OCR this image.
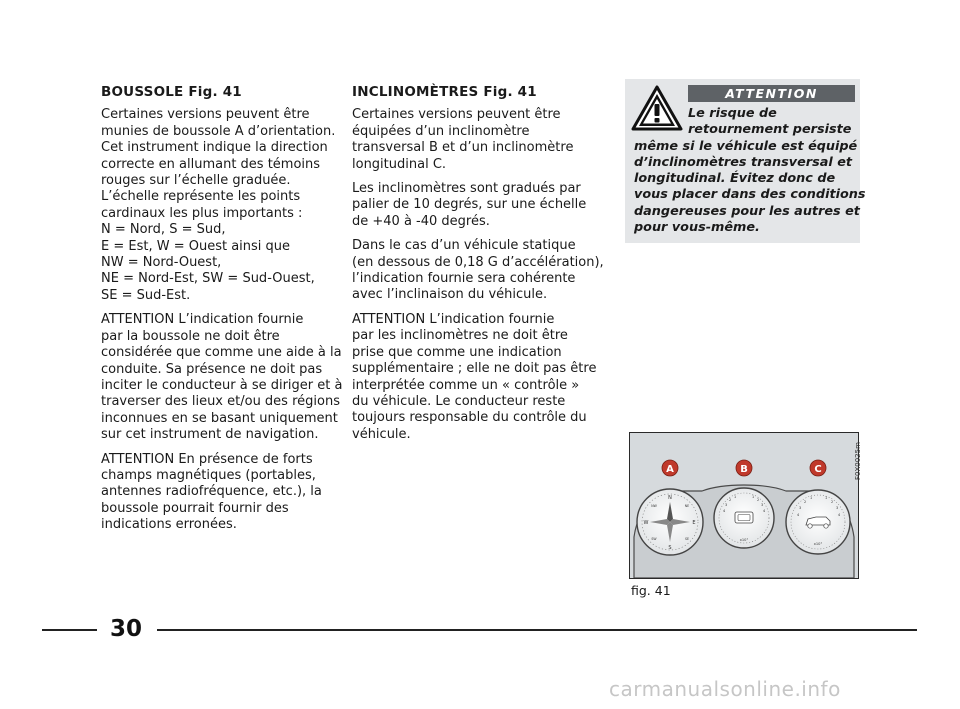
BOUSSOLE Fig. 41

Certaines versions peuvent être
munies de boussole A d’orientation.
Cet instrument indique la direction
correcte en allumant des témoins
rouges sur l’échelle graduée.
L’échelle représente les points
cardinaux les plus importants :
N = Nord, S = Sud,
E = Est, W = Ouest ainsi que
NW = Nord-Ouest,
NE = Nord-Est, SW = Sud-Ouest,
SE = Sud-Est.

ATTENTION L’indication fournie
par la boussole ne doit être
considérée que comme une aide à la
conduite. Sa présence ne doit pas
inciter le conducteur à se diriger et à
traverser des lieux et/ou des régions
inconnues en se basant uniquement
sur cet instrument de navigation.

ATTENTION En présence de forts
champs magnétiques (portables,
antennes radiofréquence, etc.), la
boussole pourrait fournir des
indications erronées.

INCLINOMÈTRES Fig. 41

Certaines versions peuvent être
équipées d’un inclinomètre
transversal B et d’un inclinomètre
longitudinal C.

Les inclinomètres sont gradués par
palier de 10 degrés, sur une échelle
de +40 à -40 degrés.

Dans le cas d’un véhicule statique
(en dessous de 0,18 G d’accélération),
l’indication fournie sera cohérente
avec l’inclinaison du véhicule.

ATTENTION L’indication fournie
par les inclinomètres ne doit être
prise que comme une indication
supplémentaire ; elle ne doit pas être
interprétée comme un « contrôle »
du véhicule. Le conducteur reste
toujours responsable du contrôle du
véhicule.

ATTENTION
Le risque de
retournement persiste
même si le véhicule est équipé
d’inclinomètres transversal et
longitudinal. Évitez donc de
vous placer dans des conditions
dangereuses pour les autres et
pour vous-même.
N
S
E
W
NW	NE
SW	SE	x10°
4
3
2
1	1
2
3
4
x10°
4
3
2
1	1
2
3
4
A	B	C	F0X0025m
fig. 41
30
carmanualsonline.info
